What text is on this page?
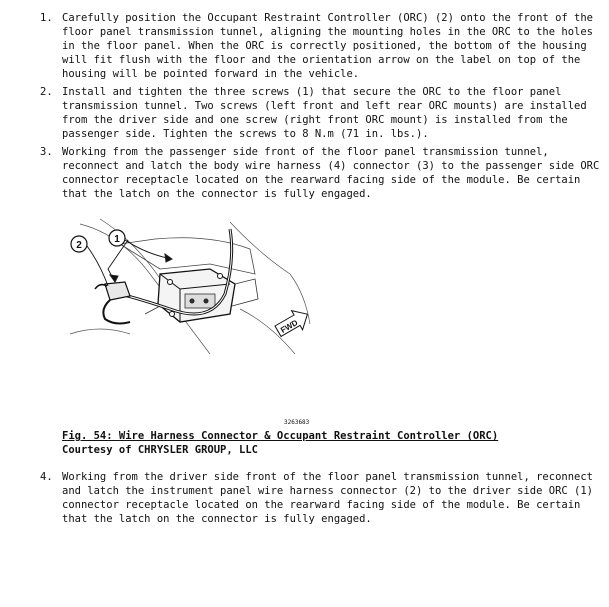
1. Carefully position the Occupant Restraint Controller (ORC) (2) onto the front of the
floor panel transmission tunnel, aligning the mounting holes in the ORC to the holes
in the floor panel. When the ORC is correctly positioned, the bottom of the housing
will fit flush with the floor and the orientation arrow on the label on top of the
housing will be pointed forward in the vehicle.
2. Install and tighten the three screws (1) that secure the ORC to the floor panel
transmission tunnel. Two screws (left front and left rear ORC mounts) are installed
from the driver side and one screw (right front ORC mount) is installed from the
passenger side. Tighten the screws to 8 N.m (71 in. lbs.).
3. Working from the passenger side front of the floor panel transmission tunnel,
reconnect and latch the body wire harness (4) connector (3) to the passenger side ORC
connector receptacle located on the rearward facing side of the module. Be certain
that the latch on the connector is fully engaged.
1
2
FWD
3263683
Fig. 54: Wire Harness Connector & Occupant Restraint Controller (ORC)
Courtesy of CHRYSLER GROUP, LLC
4. Working from the driver side front of the floor panel transmission tunnel, reconnect
and latch the instrument panel wire harness connector (2) to the driver side ORC (1)
connector receptacle located on the rearward facing side of the module. Be certain
that the latch on the connector is fully engaged.
